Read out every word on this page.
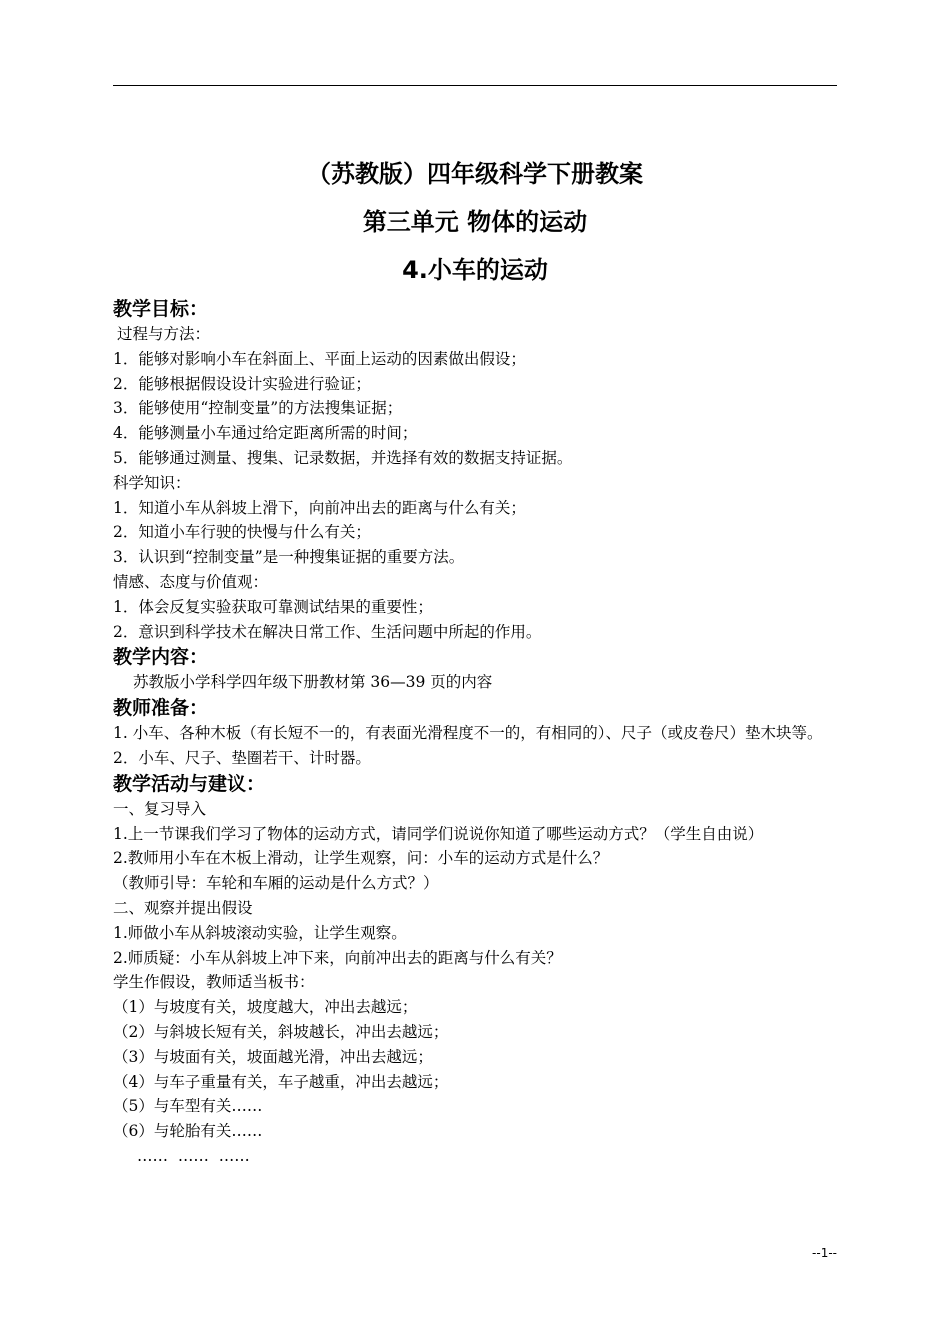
（苏教版）四年级科学下册教案
第三单元 物体的运动
4.小车的运动
教学目标：
过程与方法：
1．能够对影响小车在斜面上、平面上运动的因素做出假设；
2．能够根据假设设计实验进行验证；
3．能够使用“控制变量”的方法搜集证据；
4．能够测量小车通过给定距离所需的时间；
5．能够通过测量、搜集、记录数据，并选择有效的数据支持证据。
科学知识：
1．知道小车从斜坡上滑下，向前冲出去的距离与什么有关；
2．知道小车行驶的快慢与什么有关；
3．认识到“控制变量”是一种搜集证据的重要方法。
情感、态度与价值观：
1．体会反复实验获取可靠测试结果的重要性；
2．意识到科学技术在解决日常工作、生活问题中所起的作用。
教学内容：
苏教版小学科学四年级下册教材第 36—39 页的内容
教师准备：
1. 小车、各种木板（有长短不一的，有表面光滑程度不一的，有相同的）、尺子（或皮卷尺）垫木块等。
2．小车、尺子、垫圈若干、计时器。
教学活动与建议：
一、复习导入
1.上一节课我们学习了物体的运动方式，请同学们说说你知道了哪些运动方式？（学生自由说）
2.教师用小车在木板上滑动，让学生观察，问：小车的运动方式是什么？
（教师引导：车轮和车厢的运动是什么方式？）
二、观察并提出假设
1.师做小车从斜坡滚动实验，让学生观察。
2.师质疑：小车从斜坡上冲下来，向前冲出去的距离与什么有关？
学生作假设，教师适当板书：
（1）与坡度有关，坡度越大，冲出去越远；
（2）与斜坡长短有关，斜坡越长，冲出去越远；
（3）与坡面有关，坡面越光滑，冲出去越远；
（4）与车子重量有关，车子越重，冲出去越远；
（5）与车型有关……
（6）与轮胎有关……
……  ……  ……
--1--
